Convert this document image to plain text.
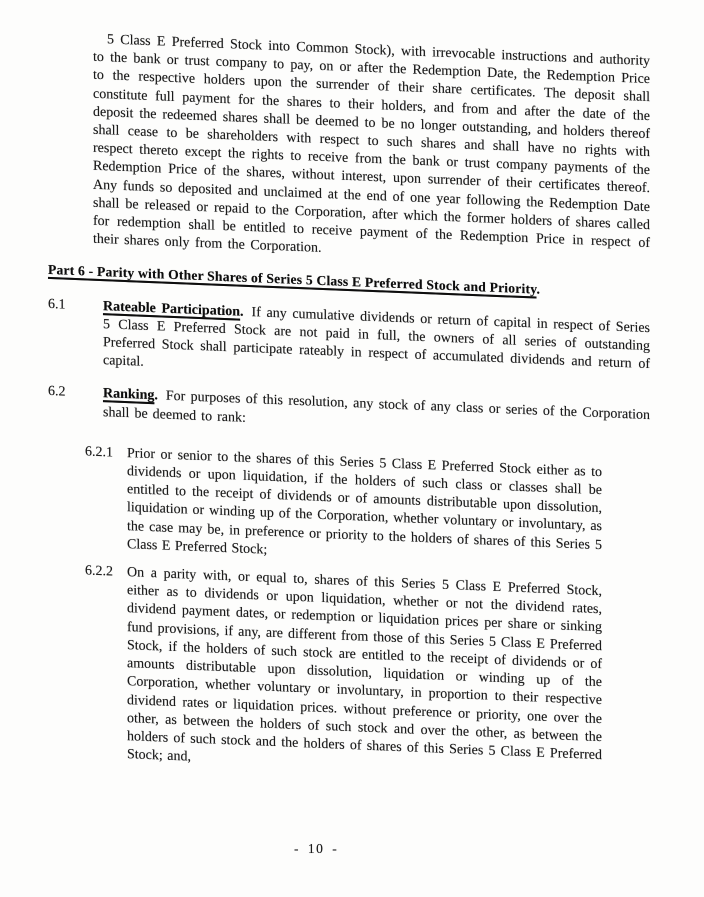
5 Class E Preferred Stock into Common Stock), with irrevocable instructions and authority to the bank or trust company to pay, on or after the Redemption Date, the Redemption Price to the respective holders upon the surrender of their share certificates. The deposit shall constitute full payment for the shares to their holders, and from and after the date of the deposit the redeemed shares shall be deemed to be no longer outstanding, and holders thereof shall cease to be shareholders with respect to such shares and shall have no rights with respect thereto except the rights to receive from the bank or trust company payments of the Redemption Price of the shares, without interest, upon surrender of their certificates thereof. Any funds so deposited and unclaimed at the end of one year following the Redemption Date shall be released or repaid to the Corporation, after which the former holders of shares called for redemption shall be entitled to receive payment of the Redemption Price in respect of their shares only from the Corporation.

Part 6 - Parity with Other Shares of Series 5 Class E Preferred Stock and Priority.
6.1	Rateable Participation. If any cumulative dividends or return of capital in respect of Series 5 Class E Preferred Stock are not paid in full, the owners of all series of outstanding Preferred Stock shall participate rateably in respect of accumulated dividends and return of capital.
6.2	Ranking. For purposes of this resolution, any stock of any class or series of the Corporation shall be deemed to rank:
6.2.1 Prior or senior to the shares of this Series 5 Class E Preferred Stock either as to dividends or upon liquidation, if the holders of such class or classes shall be entitled to the receipt of dividends or of amounts distributable upon dissolution, liquidation or winding up of the Corporation, whether voluntary or involuntary, as the case may be, in preference or priority to the holders of shares of this Series 5 Class E Preferred Stock;
6.2.2 On a parity with, or equal to, shares of this Series 5 Class E Preferred Stock, either as to dividends or upon liquidation, whether or not the dividend rates, dividend payment dates, or redemption or liquidation prices per share or sinking fund provisions, if any, are different from those of this Series 5 Class E Preferred Stock, if the holders of such stock are entitled to the receipt of dividends or of amounts distributable upon dissolution, liquidation or winding up of the Corporation, whether voluntary or involuntary, in proportion to their respective dividend rates or liquidation prices. without preference or priority, one over the other, as between the holders of such stock and over the other, as between the holders of such stock and the holders of shares of this Series 5 Class E Preferred Stock; and,
- 10 -
